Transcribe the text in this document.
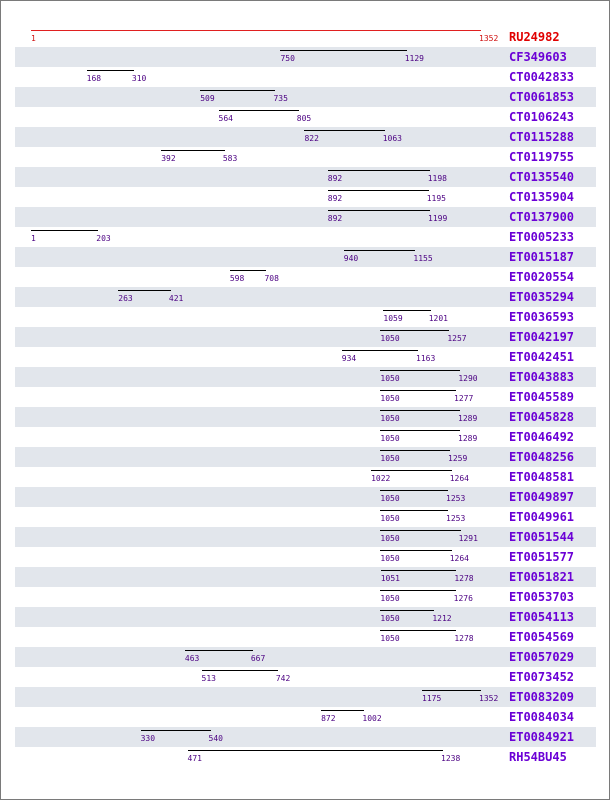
1	1352 RU24982
750	1129	CF349603
168	310	CT0042833
509	735	CT0061853
564	805	CT0106243
822	1063	CT0115288
392	583	CT0119755
892	1198	CT0135540
892	1195	CT0135904
892	1199	CT0137900
1	203	ET0005233
940	1155	ET0015187
598	708	ET0020554
263	421	ET0035294
1059	1201	ET0036593
1050	1257	ET0042197
934	1163	ET0042451
1050	1290	ET0043883
1050	1277	ET0045589
1050	1289	ET0045828
1050	1289	ET0046492
1050	1259	ET0048256
1022	1264	ET0048581
1050	1253	ET0049897
1050	1253	ET0049961
1050	1291	ET0051544
1050	1264	ET0051577
1051	1278	ET0051821
1050	1276	ET0053703
1050	1212	ET0054113
1050	1278	ET0054569
463	667	ET0057029
513	742	ET0073452
1175	1352 ET0083209
872	1002	ET0084034
330	540	ET0084921
471	1238	RH54BU45
